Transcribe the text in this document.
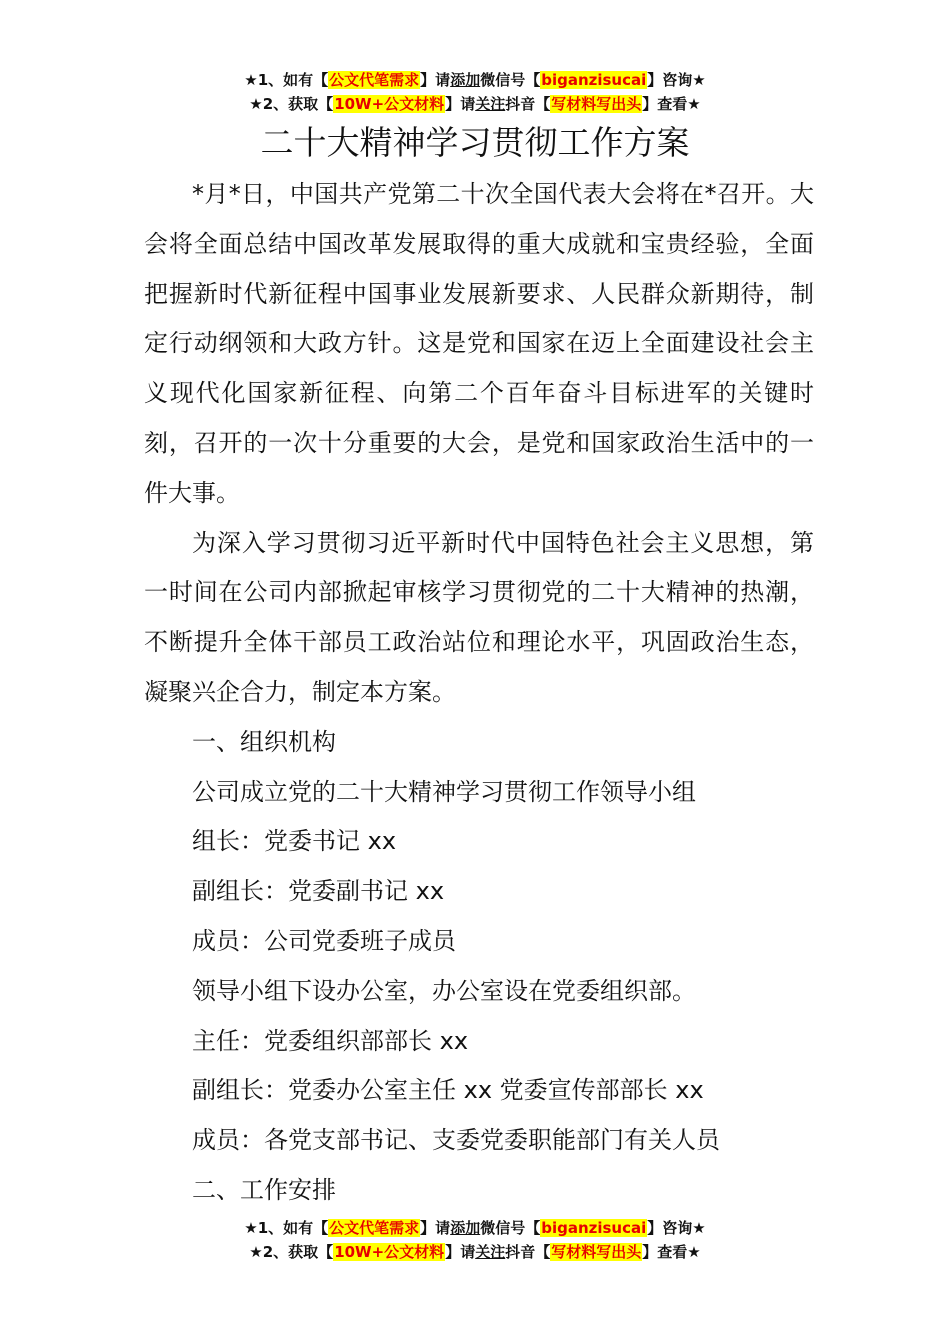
★1、如有【公文代笔需求】请添加微信号【biganzisucai】咨询★
★2、获取【10W+公文材料】请关注抖音【写材料写出头】查看★
二十大精神学习贯彻工作方案

*月*日，中国共产党第二十次全国代表大会将在*召开。大会将全面总结中国改革发展取得的重大成就和宝贵经验，全面把握新时代新征程中国事业发展新要求、人民群众新期待，制定行动纲领和大政方针。这是党和国家在迈上全面建设社会主义现代化国家新征程、向第二个百年奋斗目标进军的关键时刻，召开的一次十分重要的大会，是党和国家政治生活中的一件大事。

为深入学习贯彻习近平新时代中国特色社会主义思想，第一时间在公司内部掀起审核学习贯彻党的二十大精神的热潮，不断提升全体干部员工政治站位和理论水平，巩固政治生态，凝聚兴企合力，制定本方案。

一、组织机构

公司成立党的二十大精神学习贯彻工作领导小组

组长：党委书记 xx

副组长：党委副书记 xx

成员：公司党委班子成员

领导小组下设办公室，办公室设在党委组织部。

主任：党委组织部部长 xx

副组长：党委办公室主任 xx 党委宣传部部长 xx

成员：各党支部书记、支委党委职能部门有关人员

二、工作安排

★1、如有【公文代笔需求】请添加微信号【biganzisucai】咨询★
★2、获取【10W+公文材料】请关注抖音【写材料写出头】查看★
